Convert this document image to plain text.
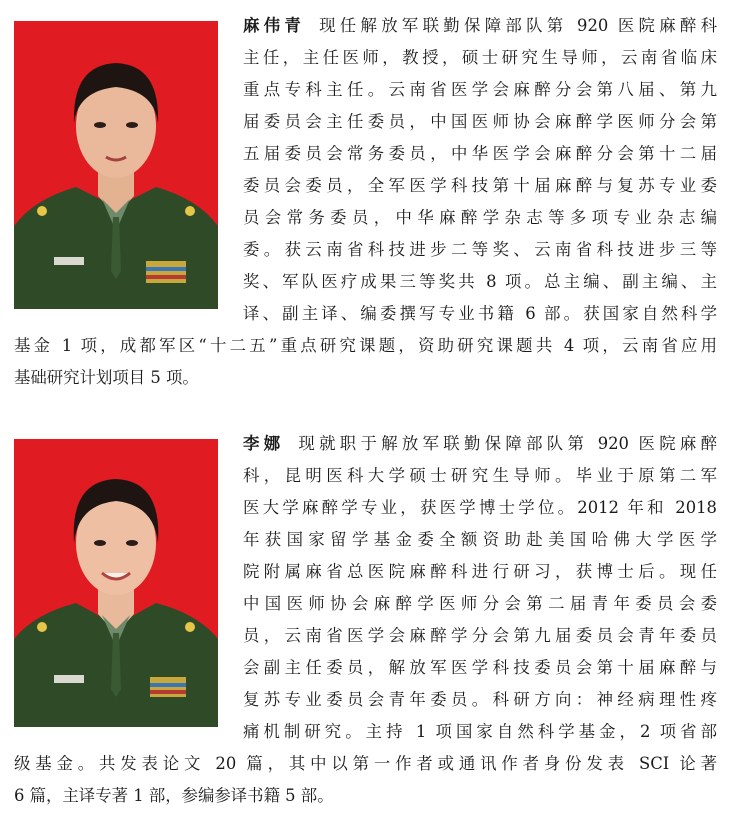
麻伟青 现任解放军联勤保障部队第 920 医院麻醉科
主任，主任医师，教授，硕士研究生导师，云南省临床
重点专科主任。云南省医学会麻醉分会第八届、第九
届委员会主任委员，中国医师协会麻醉学医师分会第
五届委员会常务委员，中华医学会麻醉分会第十二届
委员会委员，全军医学科技第十届麻醉与复苏专业委
员会常务委员，中华麻醉学杂志等多项专业杂志编
委。获云南省科技进步二等奖、云南省科技进步三等
奖、军队医疗成果三等奖共 8 项。总主编、副主编、主
译、副主译、编委撰写专业书籍 6 部。获国家自然科学
基金 1 项，成都军区“十二五”重点研究课题，资助研究课题共 4 项，云南省应用
基础研究计划项目 5 项。
李娜 现就职于解放军联勤保障部队第 920 医院麻醉
科，昆明医科大学硕士研究生导师。毕业于原第二军
医大学麻醉学专业，获医学博士学位。2012 年和 2018
年获国家留学基金委全额资助赴美国哈佛大学医学
院附属麻省总医院麻醉科进行研习，获博士后。现任
中国医师协会麻醉学医师分会第二届青年委员会委
员，云南省医学会麻醉学分会第九届委员会青年委员
会副主任委员，解放军医学科技委员会第十届麻醉与
复苏专业委员会青年委员。科研方向：神经病理性疼
痛机制研究。主持 1 项国家自然科学基金，2 项省部
级基金。共发表论文 20 篇，其中以第一作者或通讯作者身份发表 SCI 论著
6 篇，主译专著 1 部，参编参译书籍 5 部。
